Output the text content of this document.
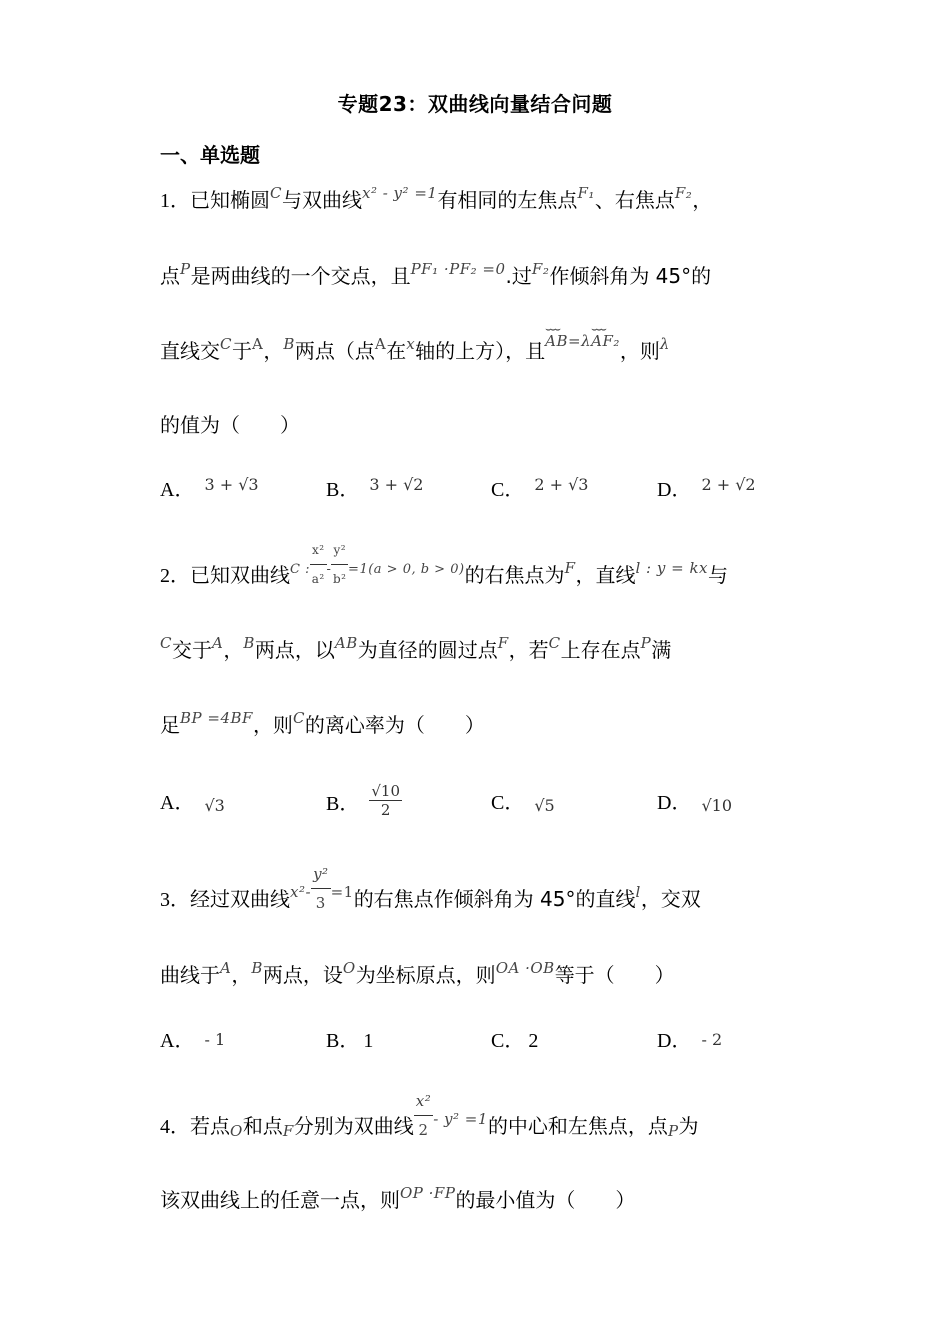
专题23：双曲线向量结合问题
一、单选题
1．已知椭圆$^C$与双曲线$^{x^2 - y^2 =1}$有相同的左焦点$^{F_1}$、右焦点$^{F_2}$，
点$^P$是两曲线的一个交点，且$^{PF_1 \cdot PF_2 =0}$.过$^{F_2}$作倾斜角为 45°的
直线交$^C$于$^A$，$^B$两点（点$^A$在$^x$轴的上方），且⌣⌣⌣ $AB^{=\lambda}⌣⌣⌣$ AF₂，则$^\lambda$
的值为（　　）
A． $^{3 + √3}$	B． $^{3 + √2}$	C． $^{2 + √3}$	D． $^{2 + √2}$
2．已知双曲线$^{C :} \frac{\text{x²}}{\text{a²}} ^- \frac{\text{y²}}{\text{b²}} ^{=1(a > 0, b > 0)}$的右焦点为$^F$，直线$^{l : y = kx}$与
$^C$交于$^A$，$^B$两点，以$^{AB}$为直径的圆过点$^F$，若$^C$上存在点$^P$满
足$^{BP =4BF}$，则$^C$的离心率为（　　）
A． √3	B． $\frac{√10}{2}$	C． √5	D． √10
3．经过双曲线$^{x^2-} \frac{\text{y²}}{3} ^{=1}$的右焦点作倾斜角为 45°的直线$^l$，交双
曲线于$^A$，$^B$两点，设$^O$为坐标原点，则$^{OA \cdot OB}$等于（　　）
A． - 1	B． 1	C． 2	D． - 2
4．若点O和点F分别为双曲线 $\frac{\text{x²}}{2} ^{- y^2 =1}$的中心和左焦点，点P为
该双曲线上的任意一点，则$^{OP \cdot FP}$的最小值为（　　）
